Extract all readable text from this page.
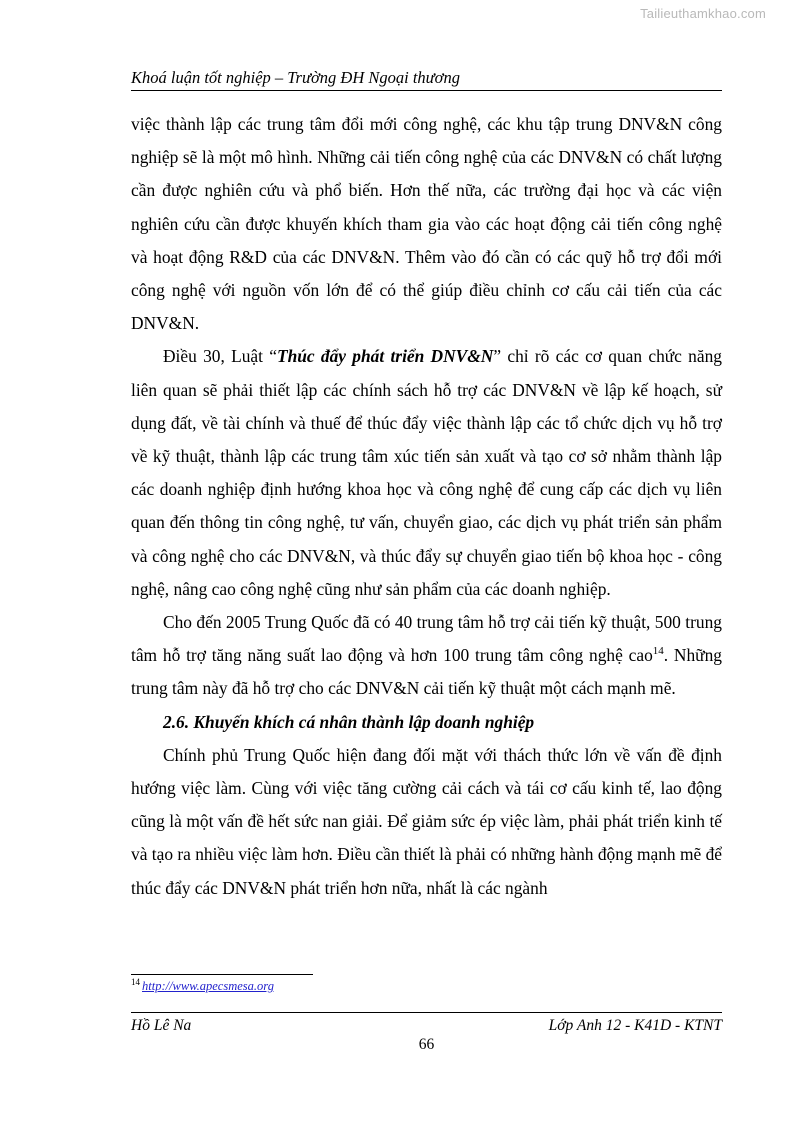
Tailieuthamkhao.com
Khoá luận tốt nghiệp – Trường ĐH Ngoại thương

việc thành lập các trung tâm đổi mới công nghệ, các khu tập trung DNV&N công nghiệp sẽ là một mô hình. Những cải tiến công nghệ của các DNV&N có chất lượng cần được nghiên cứu và phổ biến. Hơn thế nữa, các trường đại học và các viện nghiên cứu cần được khuyến khích tham gia vào các hoạt động cải tiến công nghệ và hoạt động R&D của các DNV&N. Thêm vào đó cần có các quỹ hỗ trợ đổi mới công nghệ với nguồn vốn lớn để có thể giúp điều chỉnh cơ cấu cải tiến của các DNV&N.

Điều 30, Luật “Thúc đẩy phát triển DNV&N” chỉ rõ các cơ quan chức năng liên quan sẽ phải thiết lập các chính sách hỗ trợ các DNV&N về lập kế hoạch, sử dụng đất, về tài chính và thuế để thúc đẩy việc thành lập các tổ chức dịch vụ hỗ trợ về kỹ thuật, thành lập các trung tâm xúc tiến sản xuất và tạo cơ sở nhằm thành lập các doanh nghiệp định hướng khoa học và công nghệ để cung cấp các dịch vụ liên quan đến thông tin công nghệ, tư vấn, chuyển giao, các dịch vụ phát triển sản phẩm và công nghệ cho các DNV&N, và thúc đẩy sự chuyển giao tiến bộ khoa học - công nghệ, nâng cao công nghệ cũng như sản phẩm của các doanh nghiệp.

Cho đến 2005 Trung Quốc đã có 40 trung tâm hỗ trợ cải tiến kỹ thuật, 500 trung tâm hỗ trợ tăng năng suất lao động và hơn 100 trung tâm công nghệ cao$^{14}$. Những trung tâm này đã hỗ trợ cho các DNV&N cải tiến kỹ thuật một cách mạnh mẽ.

2.6. Khuyến khích cá nhân thành lập doanh nghiệp

Chính phủ Trung Quốc hiện đang đối mặt với thách thức lớn về vấn đề định hướng việc làm. Cùng với việc tăng cường cải cách và tái cơ cấu kinh tế, lao động cũng là một vấn đề hết sức nan giải. Để giảm sức ép việc làm, phải phát triển kinh tế và tạo ra nhiều việc làm hơn. Điều cần thiết là phải có những hành động mạnh mẽ để thúc đẩy các DNV&N phát triển hơn nữa, nhất là các ngành

$^{14}$ http://www.apecsmesa.org
Hồ Lê Na	Lớp Anh 12 - K41D - KTNT
66
